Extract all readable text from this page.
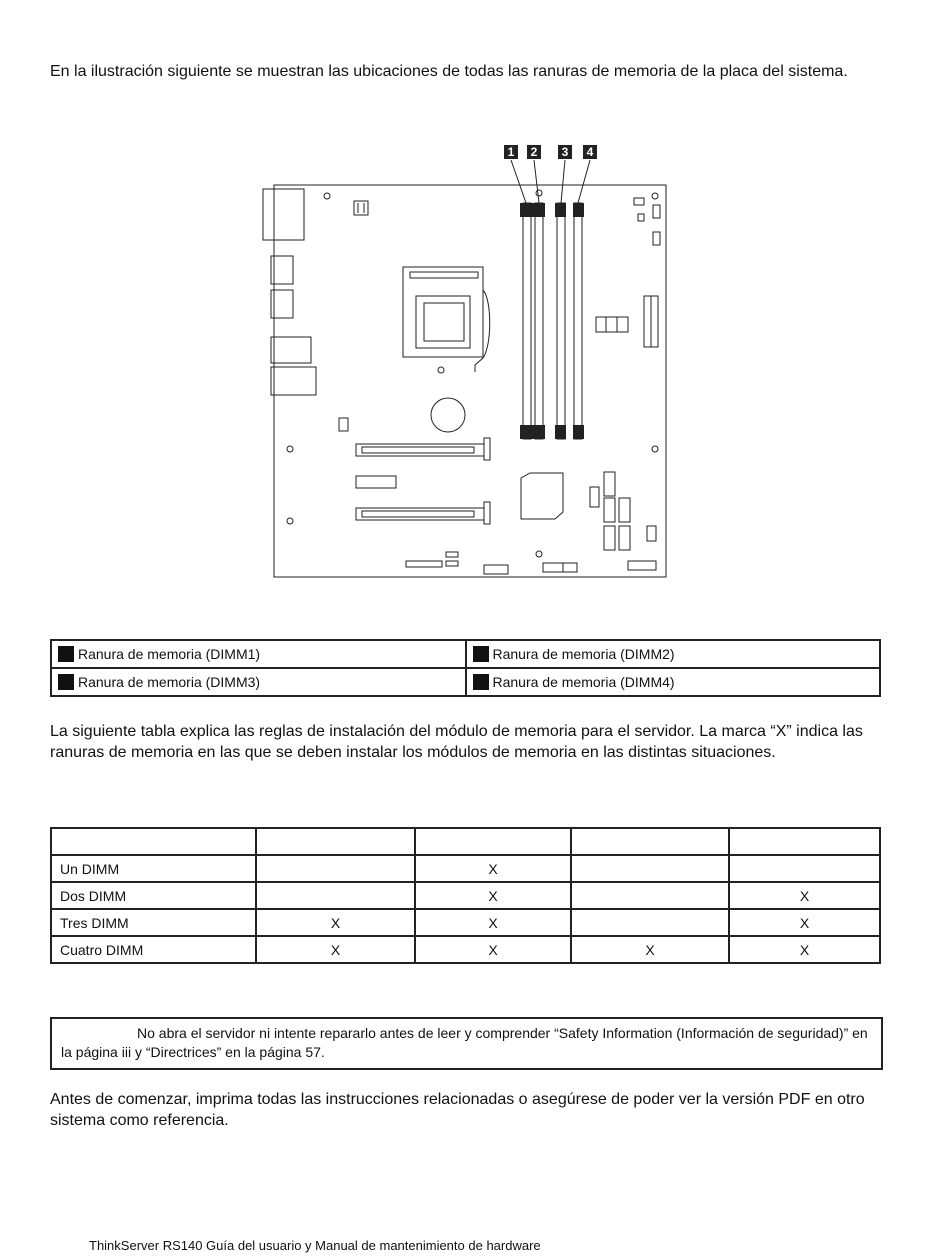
En la ilustración siguiente se muestran las ubicaciones de todas las ranuras de memoria de la placa del sistema.

1 2 3 4
Ranura de memoria (DIMM1)	Ranura de memoria (DIMM2)
Ranura de memoria (DIMM3)	Ranura de memoria (DIMM4)

La siguiente tabla explica las reglas de instalación del módulo de memoria para el servidor. La marca “X” indica las ranuras de memoria en las que se deben instalar los módulos de memoria en las distintas situaciones.

Un DIMM		X		
Dos DIMM		X		X
Tres DIMM	X	X		X
Cuatro DIMM	X	X	X	X
No abra el servidor ni intente repararlo antes de leer y comprender “Safety Information (Información de seguridad)” en la página iii y “Directrices” en la página 57.

Antes de comenzar, imprima todas las instrucciones relacionadas o asegúrese de poder ver la versión PDF en otro sistema como referencia.

ThinkServer RS140 Guía del usuario y Manual de mantenimiento de hardware
